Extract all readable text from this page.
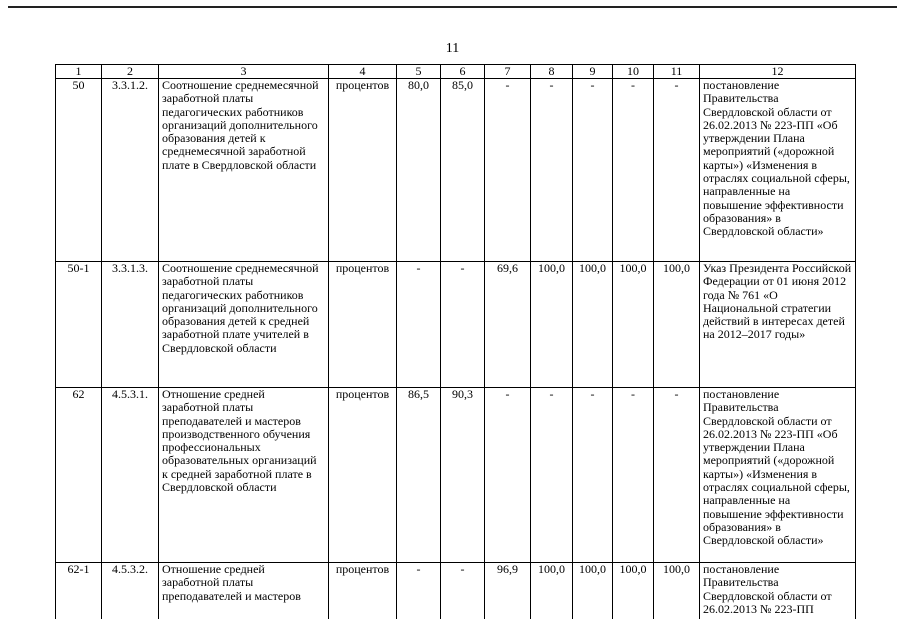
11
1	2	3	4	5	6	7	8	9	10	11	12
50	3.3.1.2.	Соотношение среднемесячной заработной платы педагогических работников организаций дополнительного образования детей к среднемесячной заработной плате в Свердловской области	процентов	80,0	85,0	-	-	-	-	-	постановление Правительства Свердловской области от 26.02.2013 № 223-ПП «Об утверждении Плана мероприятий («дорожной карты») «Изменения в отраслях социальной сферы, направленные на повышение эффективности образования» в Свердловской области»
50-1	3.3.1.3.	Соотношение среднемесячной заработной платы педагогических работников организаций дополнительного образования детей к средней заработной плате учителей в Свердловской области	процентов	-	-	69,6	100,0	100,0	100,0	100,0	Указ Президента Российской Федерации от 01 июня 2012 года № 761 «О Национальной стратегии действий в интересах детей на 2012–2017 годы»
62	4.5.3.1.	Отношение средней заработной платы преподавателей и мастеров производственного обучения профессиональных образовательных организаций к средней заработной плате в Свердловской области	процентов	86,5	90,3	-	-	-	-	-	постановление Правительства Свердловской области от 26.02.2013 № 223-ПП «Об утверждении Плана мероприятий («дорожной карты») «Изменения в отраслях социальной сферы, направленные на повышение эффективности образования» в Свердловской области»
62-1	4.5.3.2.	Отношение средней заработной платы преподавателей и мастеров	процентов	-	-	96,9	100,0	100,0	100,0	100,0	постановление Правительства Свердловской области от 26.02.2013 № 223-ПП
